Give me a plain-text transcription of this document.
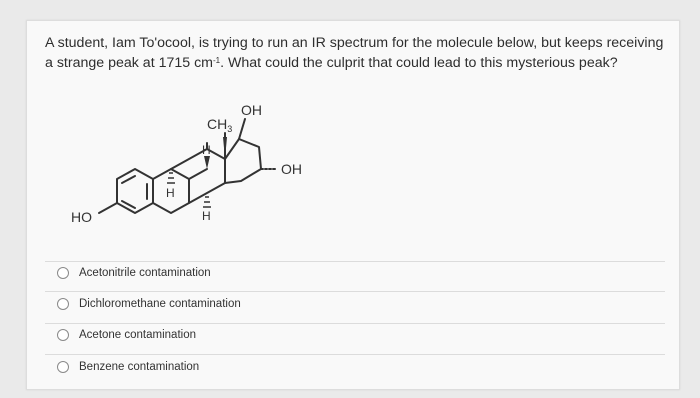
A student, Iam To'ocool, is trying to run an IR spectrum for the molecule below, but keeps receiving a strange peak at 1715 $cm^{-1}$. What could the culprit that could lead to this mysterious peak?
$CH_3$
OH
OH
H
H
H
HO
Acetonitrile contamination
Dichloromethane contamination
Acetone contamination
Benzene contamination
